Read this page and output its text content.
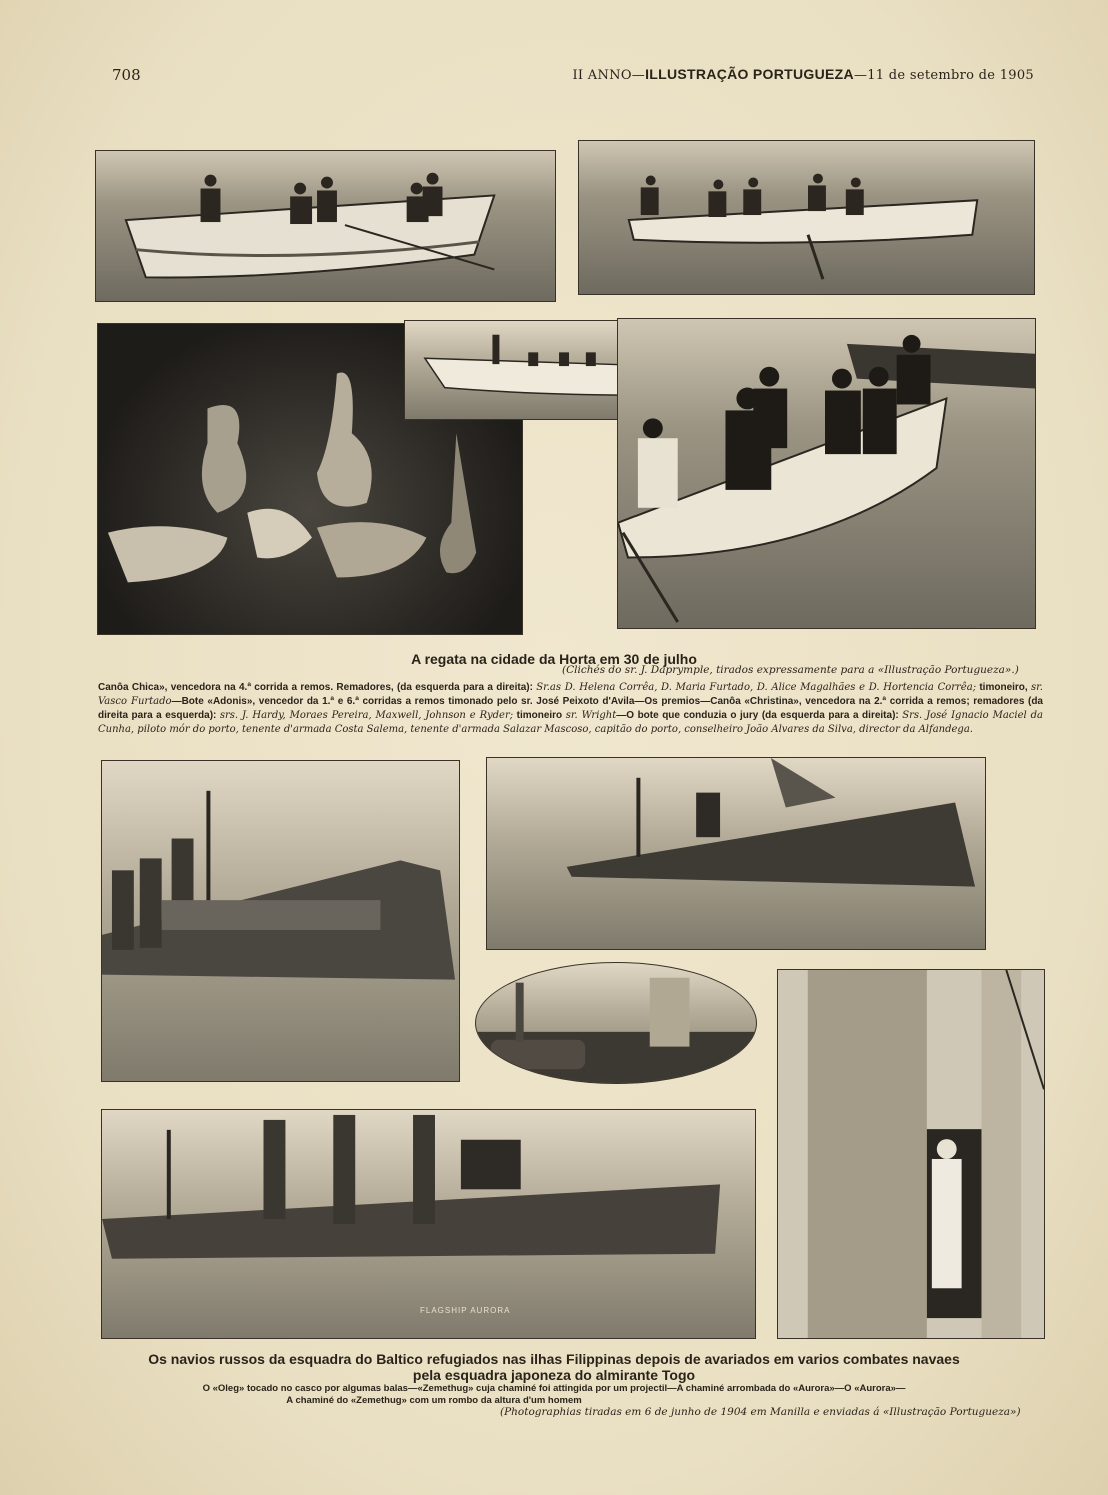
708	II ANNO—ILLUSTRAÇÃO PORTUGUEZA—11 de setembro de 1905
A regata na cidade da Horta em 30 de julho
(Clichés do sr. J. Daprymple, tirados expressamente para a «Illustração Portugueza».)
Canôa Chica», vencedora na 4.ª corrida a remos. Remadores, (da esquerda para a direita): Sr.as D. Helena Corrêa, D. Maria Furtado, D. Alice Magalhães e D. Hortencia Corrêa; timoneiro, sr. Vasco Furtado—Bote «Adonis», vencedor da 1.ª e 6.ª corridas a remos timonado pelo sr. José Peixoto d'Avila—Os premios—Canôa «Christina», vencedora na 2.ª corrida a remos; remadores (da direita para a esquerda): srs. J. Hardy, Moraes Pereira, Maxwell, Johnson e Ryder; timoneiro sr. Wright—O bote que conduzia o jury (da esquerda para a direita): Srs. José Ignacio Maciel da Cunha, piloto mór do porto, tenente d'armada Costa Salema, tenente d'armada Salazar Mascoso, capitão do porto, conselheiro João Alvares da Silva, director da Alfandega.
FLAGSHIP AURORA
Os navios russos da esquadra do Baltico refugiados nas ilhas Filippinas depois de avariados em varios combates navaes
pela esquadra japoneza do almirante Togo
O «Oleg» tocado no casco por algumas balas—«Zemethug» cuja chaminé foi attingida por um projectil—A chaminé arrombada do «Aurora»—O «Aurora»—
A chaminé do «Zemethug» com um rombo da altura d'um homem
(Photographias tiradas em 6 de junho de 1904 em Manilla e enviadas á «Illustração Portugueza»)
